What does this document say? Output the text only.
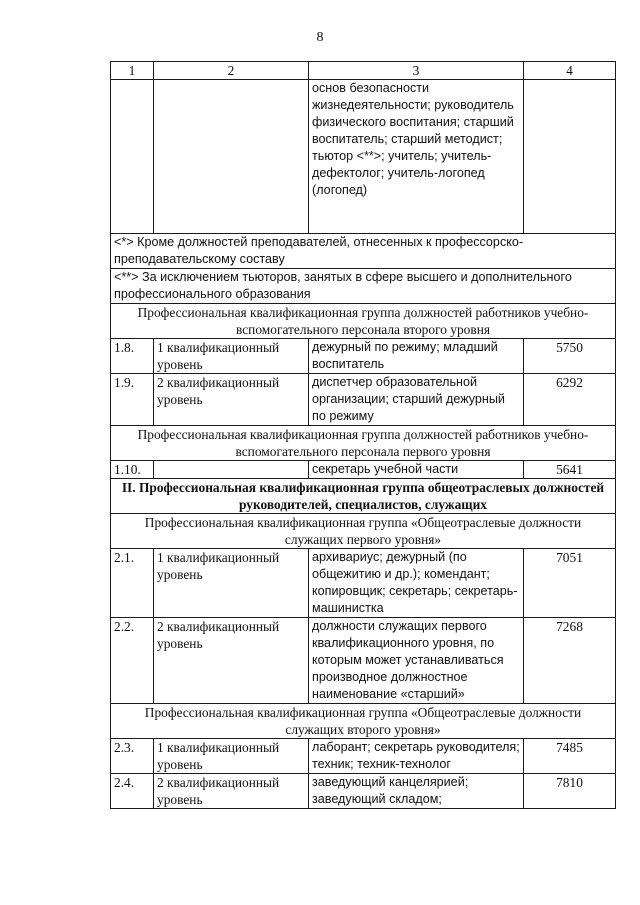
8
1	2	3	4
		основ безопасности жизнедеятельности; руководитель физического воспитания; старший воспитатель; старший методист; тьютор <**>; учитель; учитель-дефектолог; учитель-логопед (логопед)	
<*> Кроме должностей преподавателей, отнесенных к профессорско-преподавательскому составу			
<**> За исключением тьюторов, занятых в сфере высшего и дополнительного профессионального образования			
Профессиональная квалификационная группа должностей работников учебно-вспомогательного персонала второго уровня			
1.8.	1 квалификационный уровень	дежурный по режиму; младший воспитатель	5750
1.9.	2 квалификационный уровень	диспетчер образовательной организации; старший дежурный по режиму	6292
Профессиональная квалификационная группа должностей работников учебно-вспомогательного персонала первого уровня			
1.10.		секретарь учебной части	5641
II. Профессиональная квалификационная группа общеотраслевых должностей руководителей, специалистов, служащих			
Профессиональная квалификационная группа «Общеотраслевые должности служащих первого уровня»			
2.1.	1 квалификационный уровень	архивариус; дежурный (по общежитию и др.); комендант; копировщик; секретарь; секретарь-машинистка	7051
2.2.	2 квалификационный уровень	должности служащих первого квалификационного уровня, по которым может устанавливаться производное должностное наименование «старший»	7268
Профессиональная квалификационная группа «Общеотраслевые должности служащих второго уровня»			
2.3.	1 квалификационный уровень	лаборант; секретарь руководителя; техник; техник-технолог	7485
2.4.	2 квалификационный уровень	заведующий канцелярией; заведующий складом;	7810
